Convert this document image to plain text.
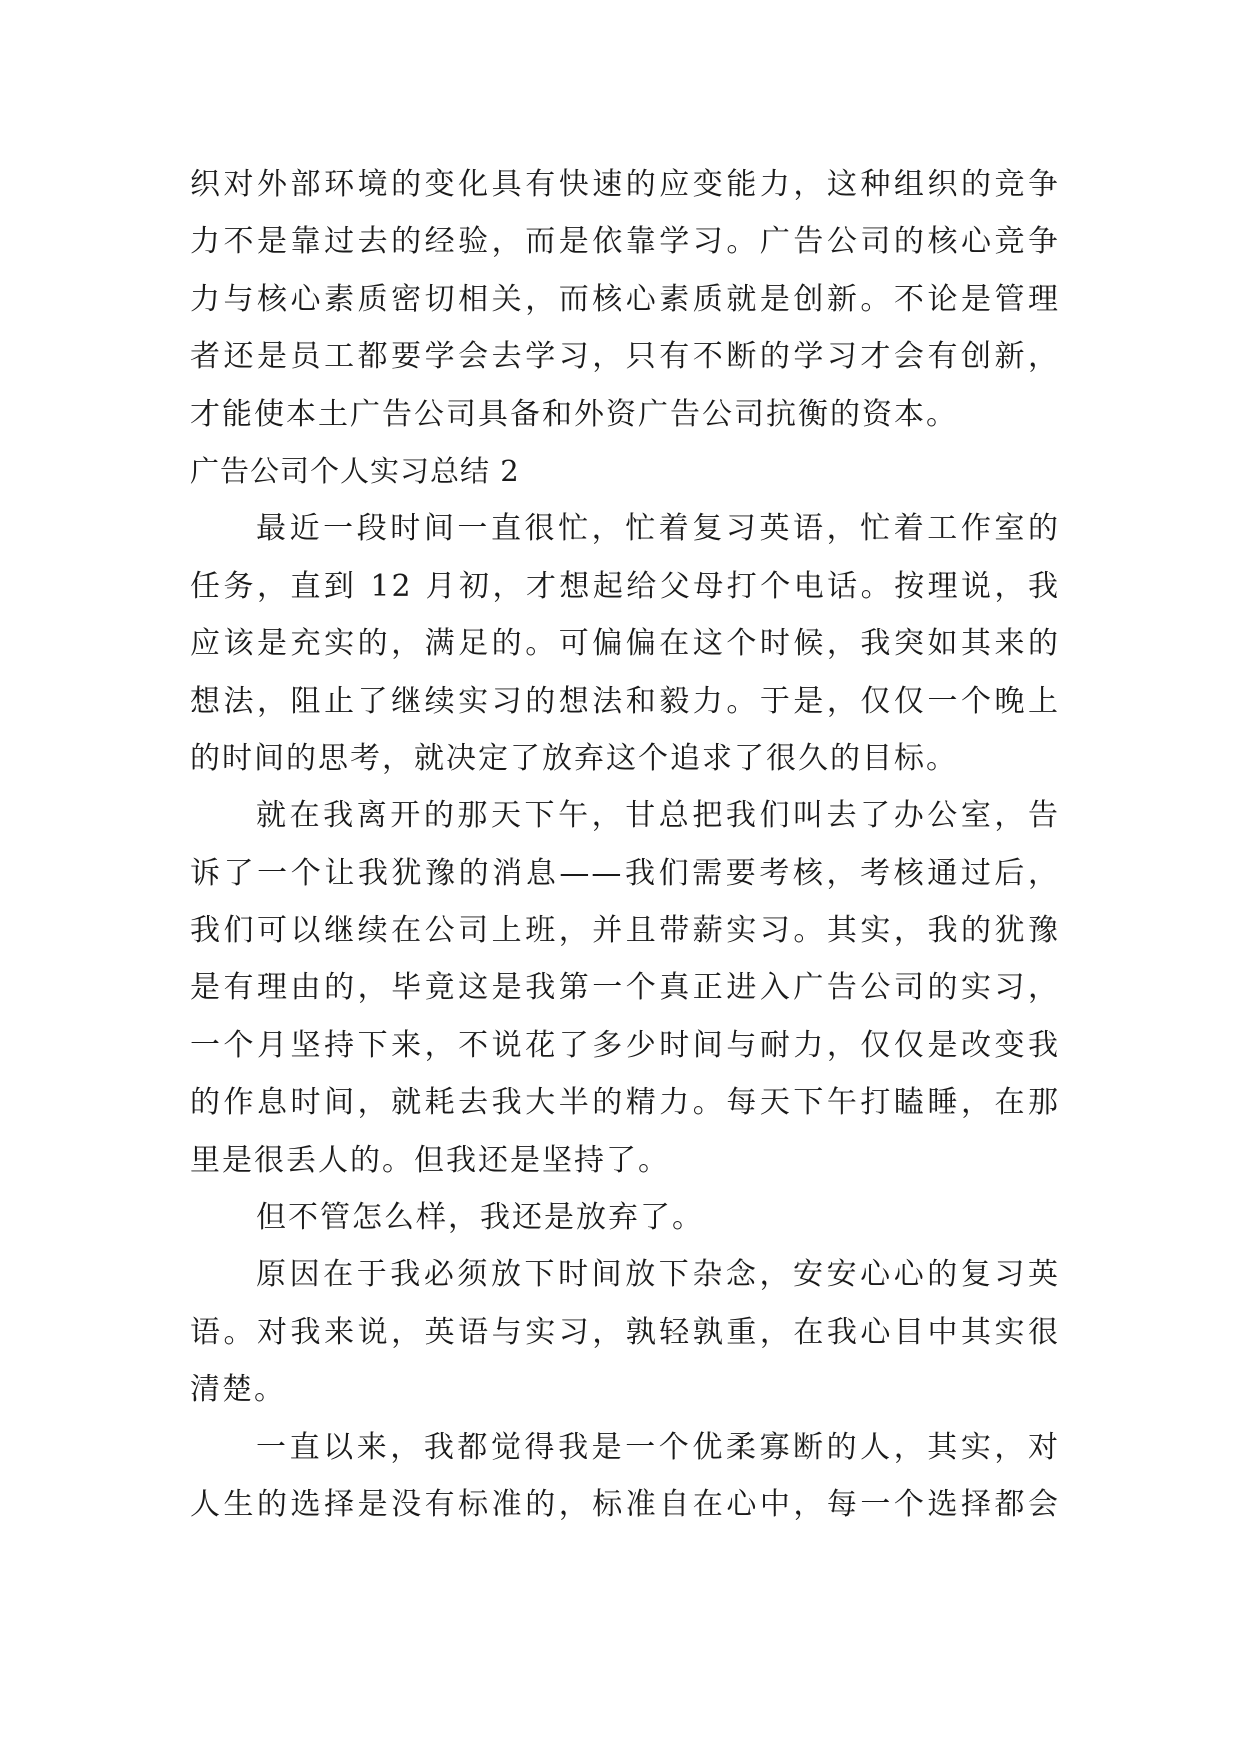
织对外部环境的变化具有快速的应变能力，这种组织的竞争
力不是靠过去的经验，而是依靠学习。广告公司的核心竞争
力与核心素质密切相关，而核心素质就是创新。不论是管理
者还是员工都要学会去学习，只有不断的学习才会有创新，
才能使本土广告公司具备和外资广告公司抗衡的资本。
广告公司个人实习总结 2
最近一段时间一直很忙，忙着复习英语，忙着工作室的
任务，直到 12 月初，才想起给父母打个电话。按理说，我
应该是充实的，满足的。可偏偏在这个时候，我突如其来的
想法，阻止了继续实习的想法和毅力。于是，仅仅一个晚上
的时间的思考，就决定了放弃这个追求了很久的目标。
就在我离开的那天下午，甘总把我们叫去了办公室，告
诉了一个让我犹豫的消息——我们需要考核，考核通过后，
我们可以继续在公司上班，并且带薪实习。其实，我的犹豫
是有理由的，毕竟这是我第一个真正进入广告公司的实习，
一个月坚持下来，不说花了多少时间与耐力，仅仅是改变我
的作息时间，就耗去我大半的精力。每天下午打瞌睡，在那
里是很丢人的。但我还是坚持了。
但不管怎么样，我还是放弃了。
原因在于我必须放下时间放下杂念，安安心心的复习英
语。对我来说，英语与实习，孰轻孰重，在我心目中其实很
清楚。
一直以来，我都觉得我是一个优柔寡断的人，其实，对
人生的选择是没有标准的，标准自在心中，每一个选择都会
